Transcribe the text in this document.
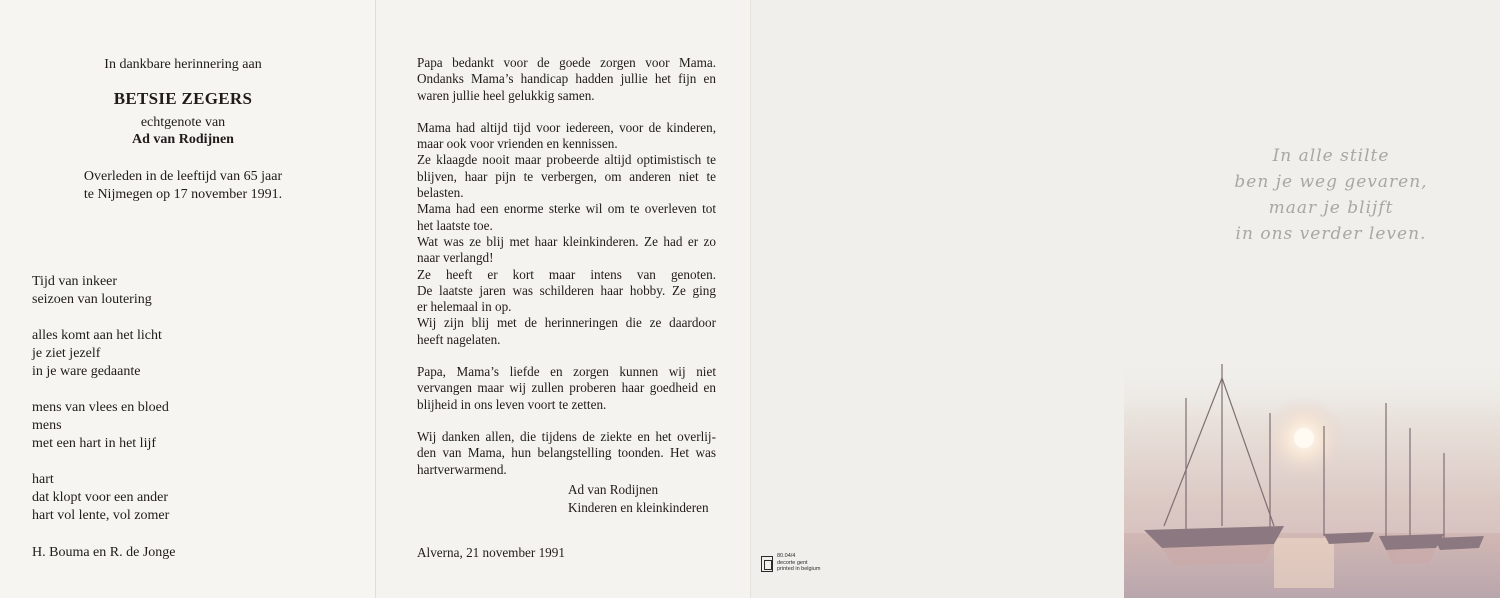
In dankbare herinnering aan
BETSIE ZEGERS
echtgenote van
Ad van Rodijnen
Overleden in de leeftijd van 65 jaar
te Nijmegen op 17 november 1991.
Tijd van inkeer
seizoen van loutering
alles komt aan het licht
je ziet jezelf
in je ware gedaante
mens van vlees en bloed
mens
met een hart in het lijf
hart
dat klopt voor een ander
hart vol lente, vol zomer
H. Bouma en R. de Jonge
Papa bedankt voor de goede zorgen voor Mama.
Ondanks Mama’s handicap hadden jullie het fijn en
waren jullie heel gelukkig samen.
Mama had altijd tijd voor iedereen, voor de kinderen,
maar ook voor vrienden en kennissen.
Ze klaagde nooit maar probeerde altijd optimistisch te
blijven, haar pijn te verbergen, om anderen niet te
belasten.
Mama had een enorme sterke wil om te overleven tot
het laatste toe.
Wat was ze blij met haar kleinkinderen. Ze had er zo
naar verlangd!
Ze heeft er kort maar intens van genoten.
De laatste jaren was schilderen haar hobby. Ze ging
er helemaal in op.
Wij zijn blij met de herinneringen die ze daardoor
heeft nagelaten.
Papa, Mama’s liefde en zorgen kunnen wij niet
vervangen maar wij zullen proberen haar goedheid en
blijheid in ons leven voort te zetten.
Wij danken allen, die tijdens de ziekte en het overlij-
den van Mama, hun belangstelling toonden. Het was
hartverwarmend.
Ad van Rodijnen
Kinderen en kleinkinderen
Alverna, 21 november 1991	80.04/4
decorte gent
printed in belgium
In alle stilte
ben je weg gevaren,
maar je blijft
in ons verder leven.
